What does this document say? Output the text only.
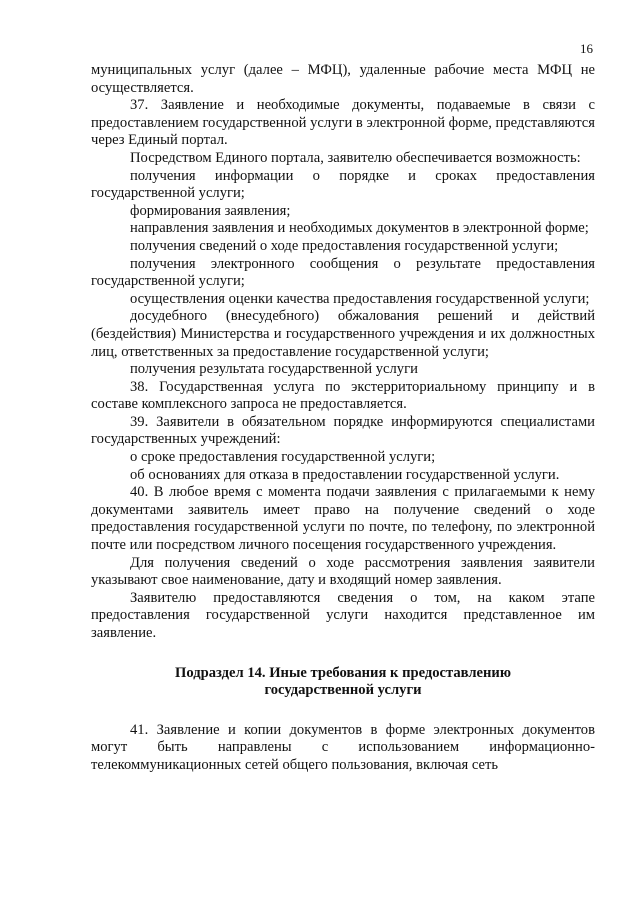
16

муниципальных услуг (далее – МФЦ), удаленные рабочие места МФЦ не осуществляется.

37. Заявление и необходимые документы, подаваемые в связи с предоставлением государственной услуги в электронной форме, представляются через Единый портал.

Посредством Единого портала, заявителю обеспечивается возможность:

получения информации о порядке и сроках предоставления государственной услуги;

формирования заявления;

направления заявления и необходимых документов в электронной форме;

получения сведений о ходе предоставления государственной услуги;

получения электронного сообщения о результате предоставления государственной услуги;

осуществления оценки качества предоставления государственной услуги;

досудебного (внесудебного) обжалования решений и действий (бездействия) Министерства и государственного учреждения и их должностных лиц, ответственных за предоставление государственной услуги;

получения результата государственной услуги

38. Государственная услуга по экстерриториальному принципу и в составе комплексного запроса не предоставляется.

39. Заявители в обязательном порядке информируются специалистами государственных учреждений:

о сроке предоставления государственной услуги;

об основаниях для отказа в предоставлении государственной услуги.

40. В любое время с момента подачи заявления с прилагаемыми к нему документами заявитель имеет право на получение сведений о ходе предоставления государственной услуги по почте, по телефону, по электронной почте или посредством личного посещения государственного учреждения.

Для получения сведений о ходе рассмотрения заявления заявители указывают свое наименование, дату и входящий номер заявления.

Заявителю предоставляются сведения о том, на каком этапе предоставления государственной услуги находится представленное им заявление.

Подраздел 14. Иные требования к предоставлению

государственной услуги

41. Заявление и копии документов в форме электронных документов могут быть направлены с использованием информационно-телекоммуникационных сетей общего пользования, включая сеть
